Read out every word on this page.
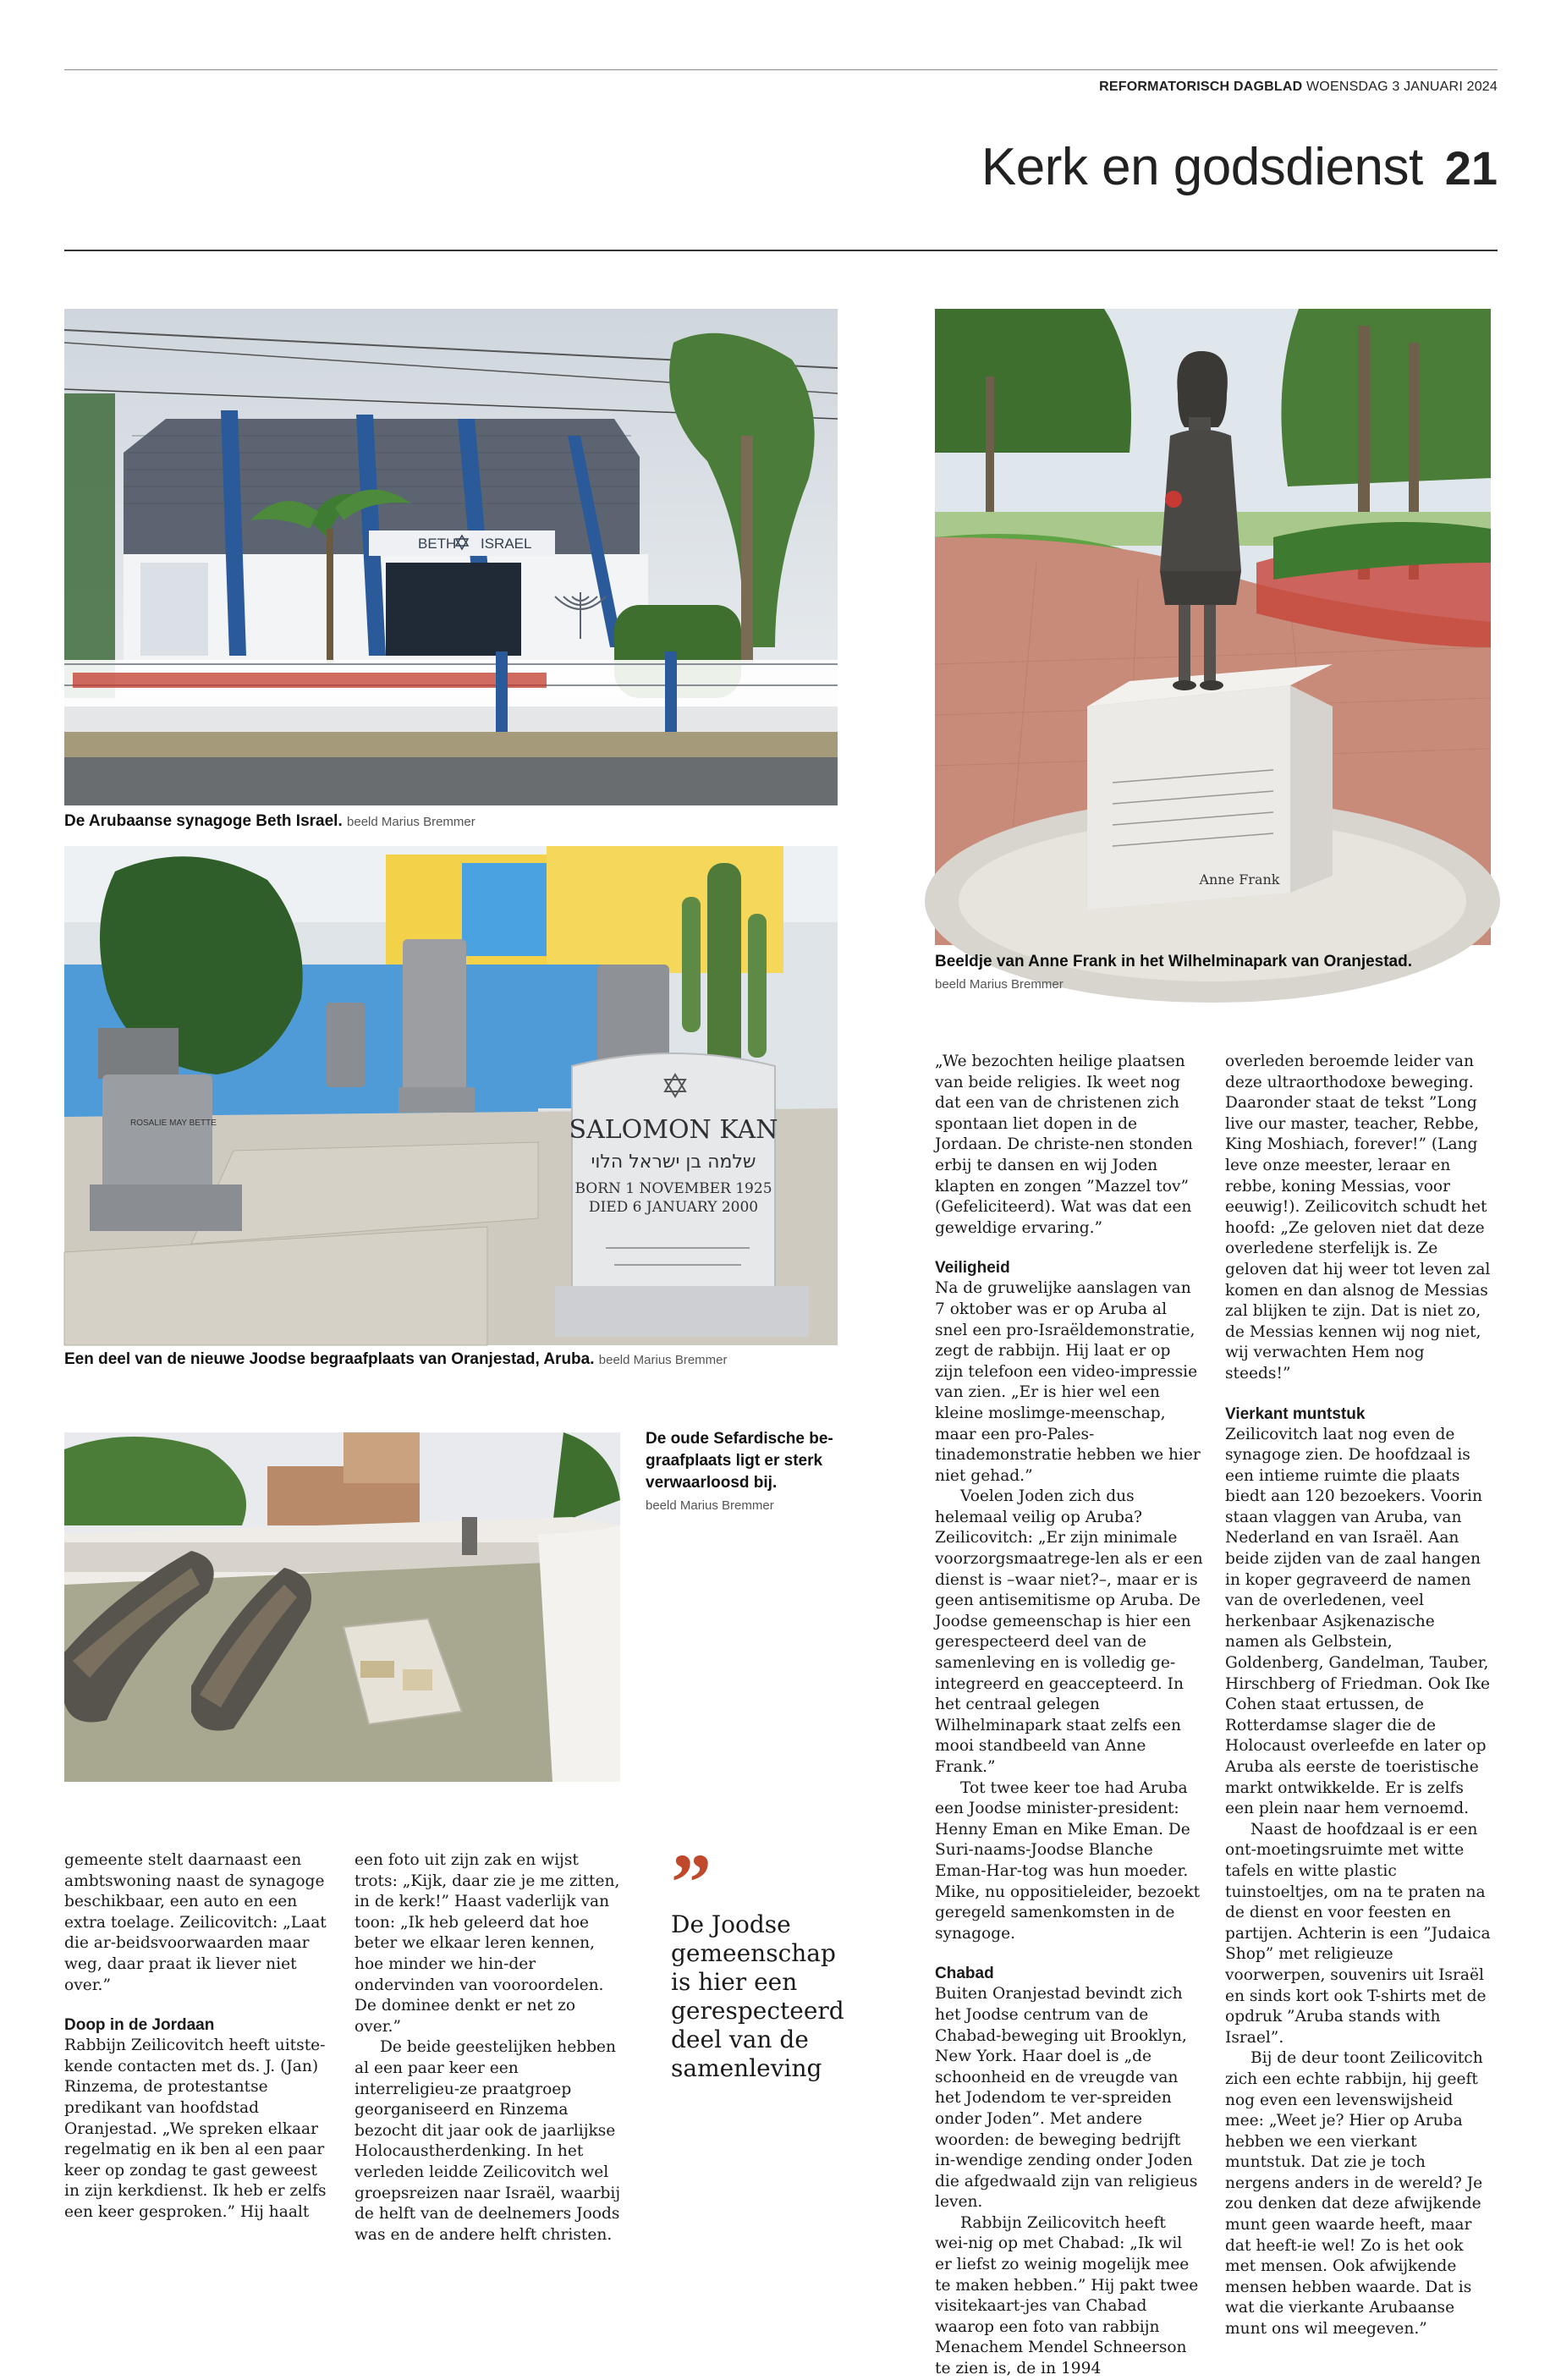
REFORMATORISCH DAGBLAD WOENSDAG 3 JANUARI 2024
Kerk en godsdienst 21
BETH ISRAEL
De Arubaanse synagoge Beth Israel. beeld Marius Bremmer
ROSALIE MAY BETTE	SALOMON KAN
שלמה בן ישראל הלוי
BORN 1 NOVEMBER 1925
DIED 6 JANUARY 2000
Een deel van de nieuwe Joodse begraafplaats van Oranjestad, Aruba. beeld Marius Bremmer
Anne Frank
Beeldje van Anne Frank in het Wilhelminapark van Oranjestad.
beeld Marius Bremmer
De oude Sefardische be-graafplaats ligt er sterk verwaarloosd bij.
beeld Marius Bremmer

gemeente stelt daarnaast een ambtswoning naast de synagoge beschikbaar, een auto en een extra toelage. Zeilicovitch: „Laat die ar-beidsvoorwaarden maar weg, daar praat ik liever niet over.”

Doop in de Jordaan

Rabbijn Zeilicovitch heeft uitste-kende contacten met ds. J. (Jan) Rinzema, de protestantse predikant van hoofdstad Oranjestad. „We spreken elkaar regelmatig en ik ben al een paar keer op zondag te gast geweest in zijn kerkdienst. Ik heb er zelfs een keer gesproken.” Hij haalt

een foto uit zijn zak en wijst trots: „Kijk, daar zie je me zitten, in de kerk!” Haast vaderlijk van toon: „Ik heb geleerd dat hoe beter we elkaar leren kennen, hoe minder we hin-der ondervinden van vooroordelen. De dominee denkt er net zo over.”

De beide geestelijken hebben al een paar keer een interreligieu-ze praatgroep georganiseerd en Rinzema bezocht dit jaar ook de jaarlijkse Holocaustherdenking. In het verleden leidde Zeilicovitch wel groepsreizen naar Israël, waarbij de helft van de deelnemers Joods was en de andere helft christen.

„We bezochten heilige plaatsen van beide religies. Ik weet nog dat een van de christenen zich spontaan liet dopen in de Jordaan. De christe-nen stonden erbij te dansen en wij Joden klapten en zongen ”Mazzel tov” (Gefeliciteerd). Wat was dat een geweldige ervaring.”

Veiligheid

Na de gruwelijke aanslagen van 7 oktober was er op Aruba al snel een pro-Israëldemonstratie, zegt de rabbijn. Hij laat er op zijn telefoon een video-impressie van zien. „Er is hier wel een kleine moslimge-meenschap, maar een pro-Pales-tinademonstratie hebben we hier niet gehad.”

Voelen Joden zich dus helemaal veilig op Aruba? Zeilicovitch: „Er zijn minimale voorzorgsmaatrege-len als er een dienst is –waar niet?–, maar er is geen antisemitisme op Aruba. De Joodse gemeenschap is hier een gerespecteerd deel van de samenleving en is volledig ge-integreerd en geaccepteerd. In het centraal gelegen Wilhelminapark staat zelfs een mooi standbeeld van Anne Frank.”

Tot twee keer toe had Aruba een Joodse minister-president: Henny Eman en Mike Eman. De Suri-naams-Joodse Blanche Eman-Har-tog was hun moeder. Mike, nu oppositieleider, bezoekt geregeld samenkomsten in de synagoge.

Chabad

Buiten Oranjestad bevindt zich het Joodse centrum van de Chabad-beweging uit Brooklyn, New York. Haar doel is „de schoonheid en de vreugde van het Jodendom te ver-spreiden onder Joden”. Met andere woorden: de beweging bedrijft in-wendige zending onder Joden die afgedwaald zijn van religieus leven.

Rabbijn Zeilicovitch heeft wei-nig op met Chabad: „Ik wil er liefst zo weinig mogelijk mee te maken hebben.” Hij pakt twee visitekaart-jes van Chabad waarop een foto van rabbijn Menachem Mendel Schneerson te zien is, de in 1994

overleden beroemde leider van deze ultraorthodoxe beweging. Daaronder staat de tekst ”Long live our master, teacher, Rebbe, King Moshiach, forever!” (Lang leve onze meester, leraar en rebbe, koning Messias, voor eeuwig!). Zeilicovitch schudt het hoofd: „Ze geloven niet dat deze overledene sterfelijk is. Ze geloven dat hij weer tot leven zal komen en dan alsnog de Messias zal blijken te zijn. Dat is niet zo, de Messias kennen wij nog niet, wij verwachten Hem nog steeds!”

Vierkant muntstuk

Zeilicovitch laat nog even de synagoge zien. De hoofdzaal is een intieme ruimte die plaats biedt aan 120 bezoekers. Voorin staan vlaggen van Aruba, van Nederland en van Israël. Aan beide zijden van de zaal hangen in koper gegraveerd de namen van de overledenen, veel herkenbaar Asjkenazische namen als Gelbstein, Goldenberg, Gandelman, Tauber, Hirschberg of Friedman. Ook Ike Cohen staat ertussen, de Rotterdamse slager die de Holocaust overleefde en later op Aruba als eerste de toeristische markt ontwikkelde. Er is zelfs een plein naar hem vernoemd.

Naast de hoofdzaal is er een ont-moetingsruimte met witte tafels en witte plastic tuinstoeltjes, om na te praten na de dienst en voor feesten en partijen. Achterin is een ”Judaica Shop” met religieuze voorwerpen, souvenirs uit Israël en sinds kort ook T-shirts met de opdruk ”Aruba stands with Israel”.

Bij de deur toont Zeilicovitch zich een echte rabbijn, hij geeft nog even een levenswijsheid mee: „Weet je? Hier op Aruba hebben we een vierkant muntstuk. Dat zie je toch nergens anders in de wereld? Je zou denken dat deze afwijkende munt geen waarde heeft, maar dat heeft-ie wel! Zo is het ook met mensen. Ook afwijkende mensen hebben waarde. Dat is wat die vierkante Arubaanse munt ons wil meegeven.”

”
De Joodse gemeenschap is hier een gerespecteerd deel van de samenleving
